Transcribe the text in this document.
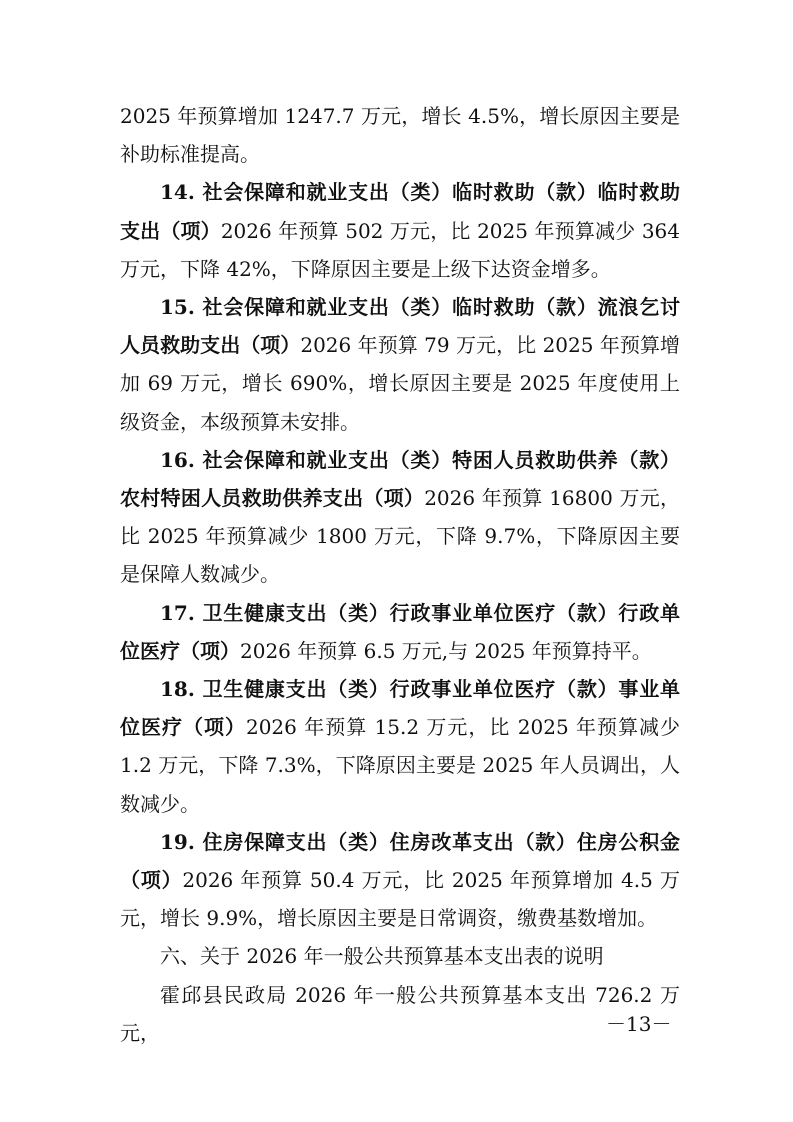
2025 年预算增加 1247.7 万元，增长 4.5%，增长原因主要是补助标准提高。

14. 社会保障和就业支出（类）临时救助（款）临时救助支出（项）2026 年预算 502 万元，比 2025 年预算减少 364 万元，下降 42%，下降原因主要是上级下达资金增多。

15. 社会保障和就业支出（类）临时救助（款）流浪乞讨人员救助支出（项）2026 年预算 79 万元，比 2025 年预算增加 69 万元，增长 690%，增长原因主要是 2025 年度使用上级资金，本级预算未安排。

16. 社会保障和就业支出（类）特困人员救助供养（款）农村特困人员救助供养支出（项）2026 年预算 16800 万元，比 2025 年预算减少 1800 万元，下降 9.7%，下降原因主要是保障人数减少。

17. 卫生健康支出（类）行政事业单位医疗（款）行政单位医疗（项）2026 年预算 6.5 万元,与 2025 年预算持平。

18. 卫生健康支出（类）行政事业单位医疗（款）事业单位医疗（项）2026 年预算 15.2 万元，比 2025 年预算减少 1.2 万元，下降 7.3%，下降原因主要是 2025 年人员调出，人数减少。

19. 住房保障支出（类）住房改革支出（款）住房公积金（项）2026 年预算 50.4 万元，比 2025 年预算增加 4.5 万元，增长 9.9%，增长原因主要是日常调资，缴费基数增加。

六、关于 2026 年一般公共预算基本支出表的说明

霍邱县民政局 2026 年一般公共预算基本支出 726.2 万元，	－13－
